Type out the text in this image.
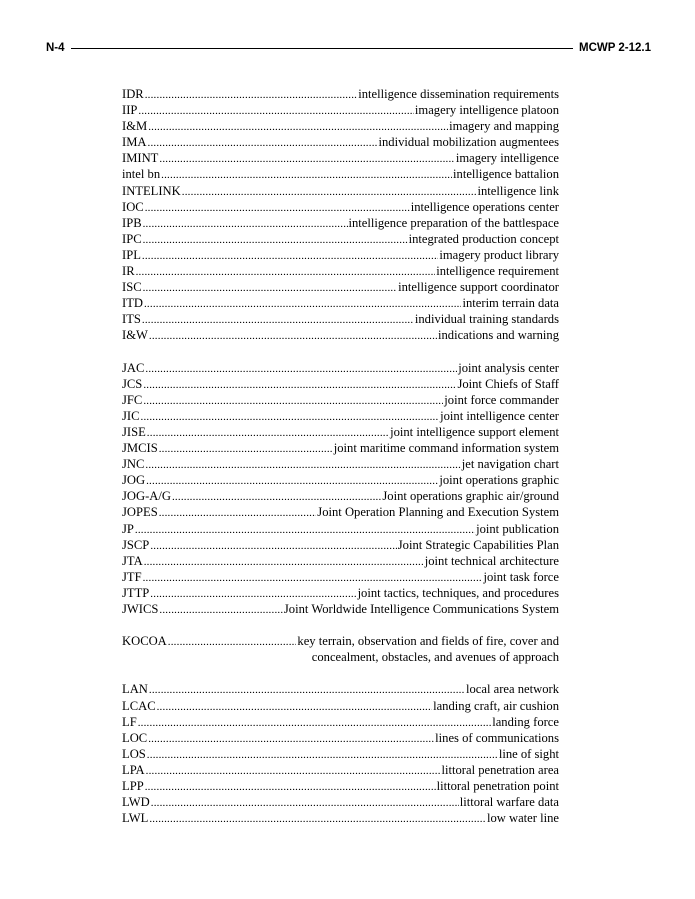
N-4	MCWP 2-12.1
IDR .....	intelligence dissemination requirements
IIP .....	imagery intelligence platoon
I&M .....	imagery and mapping
IMA .....	individual mobilization augmentees
IMINT .....	imagery intelligence
intel bn .....	intelligence battalion
INTELINK .....	intelligence link
IOC .....	intelligence operations center
IPB .....	intelligence preparation of the battlespace
IPC .....	integrated production concept
IPL .....	imagery product library
IR .....	intelligence requirement
ISC .....	intelligence support coordinator
ITD .....	interim terrain data
ITS .....	individual training standards
I&W .....	indications and warning
JAC .....	joint analysis center
JCS .....	Joint Chiefs of Staff
JFC .....	joint force commander
JIC .....	joint intelligence center
JISE .....	joint intelligence support element
JMCIS .....	joint maritime command information system
JNC .....	jet navigation chart
JOG .....	joint operations graphic
JOG-A/G .....	Joint operations graphic air/ground
JOPES .....	Joint Operation Planning and Execution System
JP .....	joint publication
JSCP .....	Joint Strategic Capabilities Plan
JTA .....	joint technical architecture
JTF .....	joint task force
JTTP .....	joint tactics, techniques, and procedures
JWICS .....	Joint Worldwide Intelligence Communications System
KOCOA .....	key terrain, observation and fields of fire, cover and
concealment, obstacles, and avenues of approach
LAN .....	local area network
LCAC .....	landing craft, air cushion
LF .....	landing force
LOC .....	lines of communications
LOS .....	line of sight
LPA .....	littoral penetration area
LPP .....	littoral penetration point
LWD .....	littoral warfare data
LWL .....	low water line
